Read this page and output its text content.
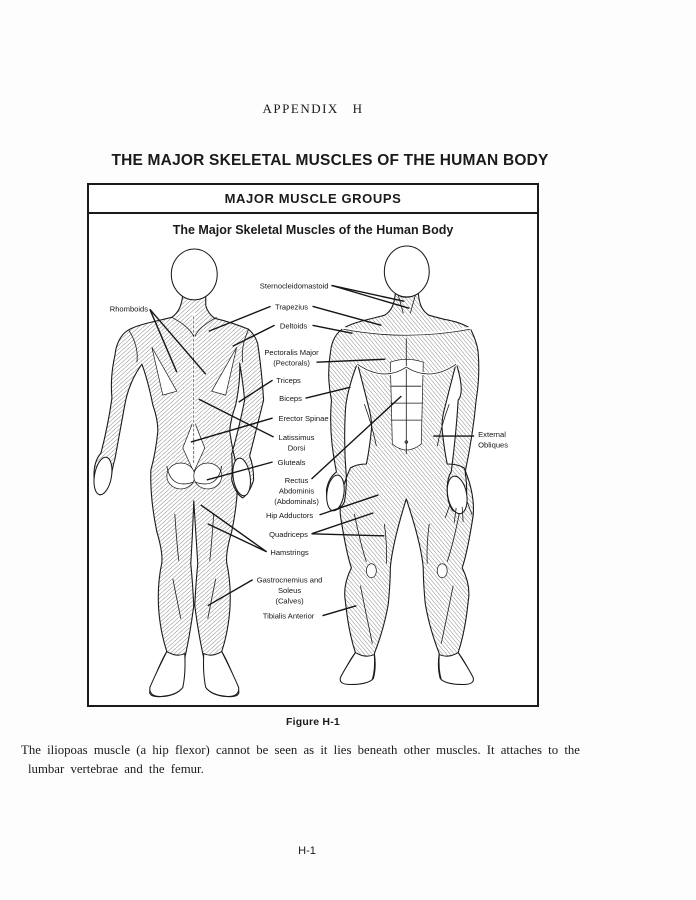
APPENDIX H
THE MAJOR SKELETAL MUSCLES OF THE HUMAN BODY
MAJOR MUSCLE GROUPS
The Major Skeletal Muscles of the Human Body
Rhomboids
Sternocleidomastoid
Trapezius
Deltoids
Pectoralis Major (Pectorals)
Triceps
Biceps
Erector Spinae
Latissimus Dorsi
Gluteals
Rectus Abdominis (Abdominals)
External Obliques
Hip Adductors
Quadriceps
Hamstrings
Gastrocnemius and Soleus (Calves)
Tibialis Anterior
Figure H-1
The iliopoas muscle (a hip flexor) cannot be seen as it lies beneath other muscles. It attaches to the
lumbar vertebrae and the femur.
H-1
